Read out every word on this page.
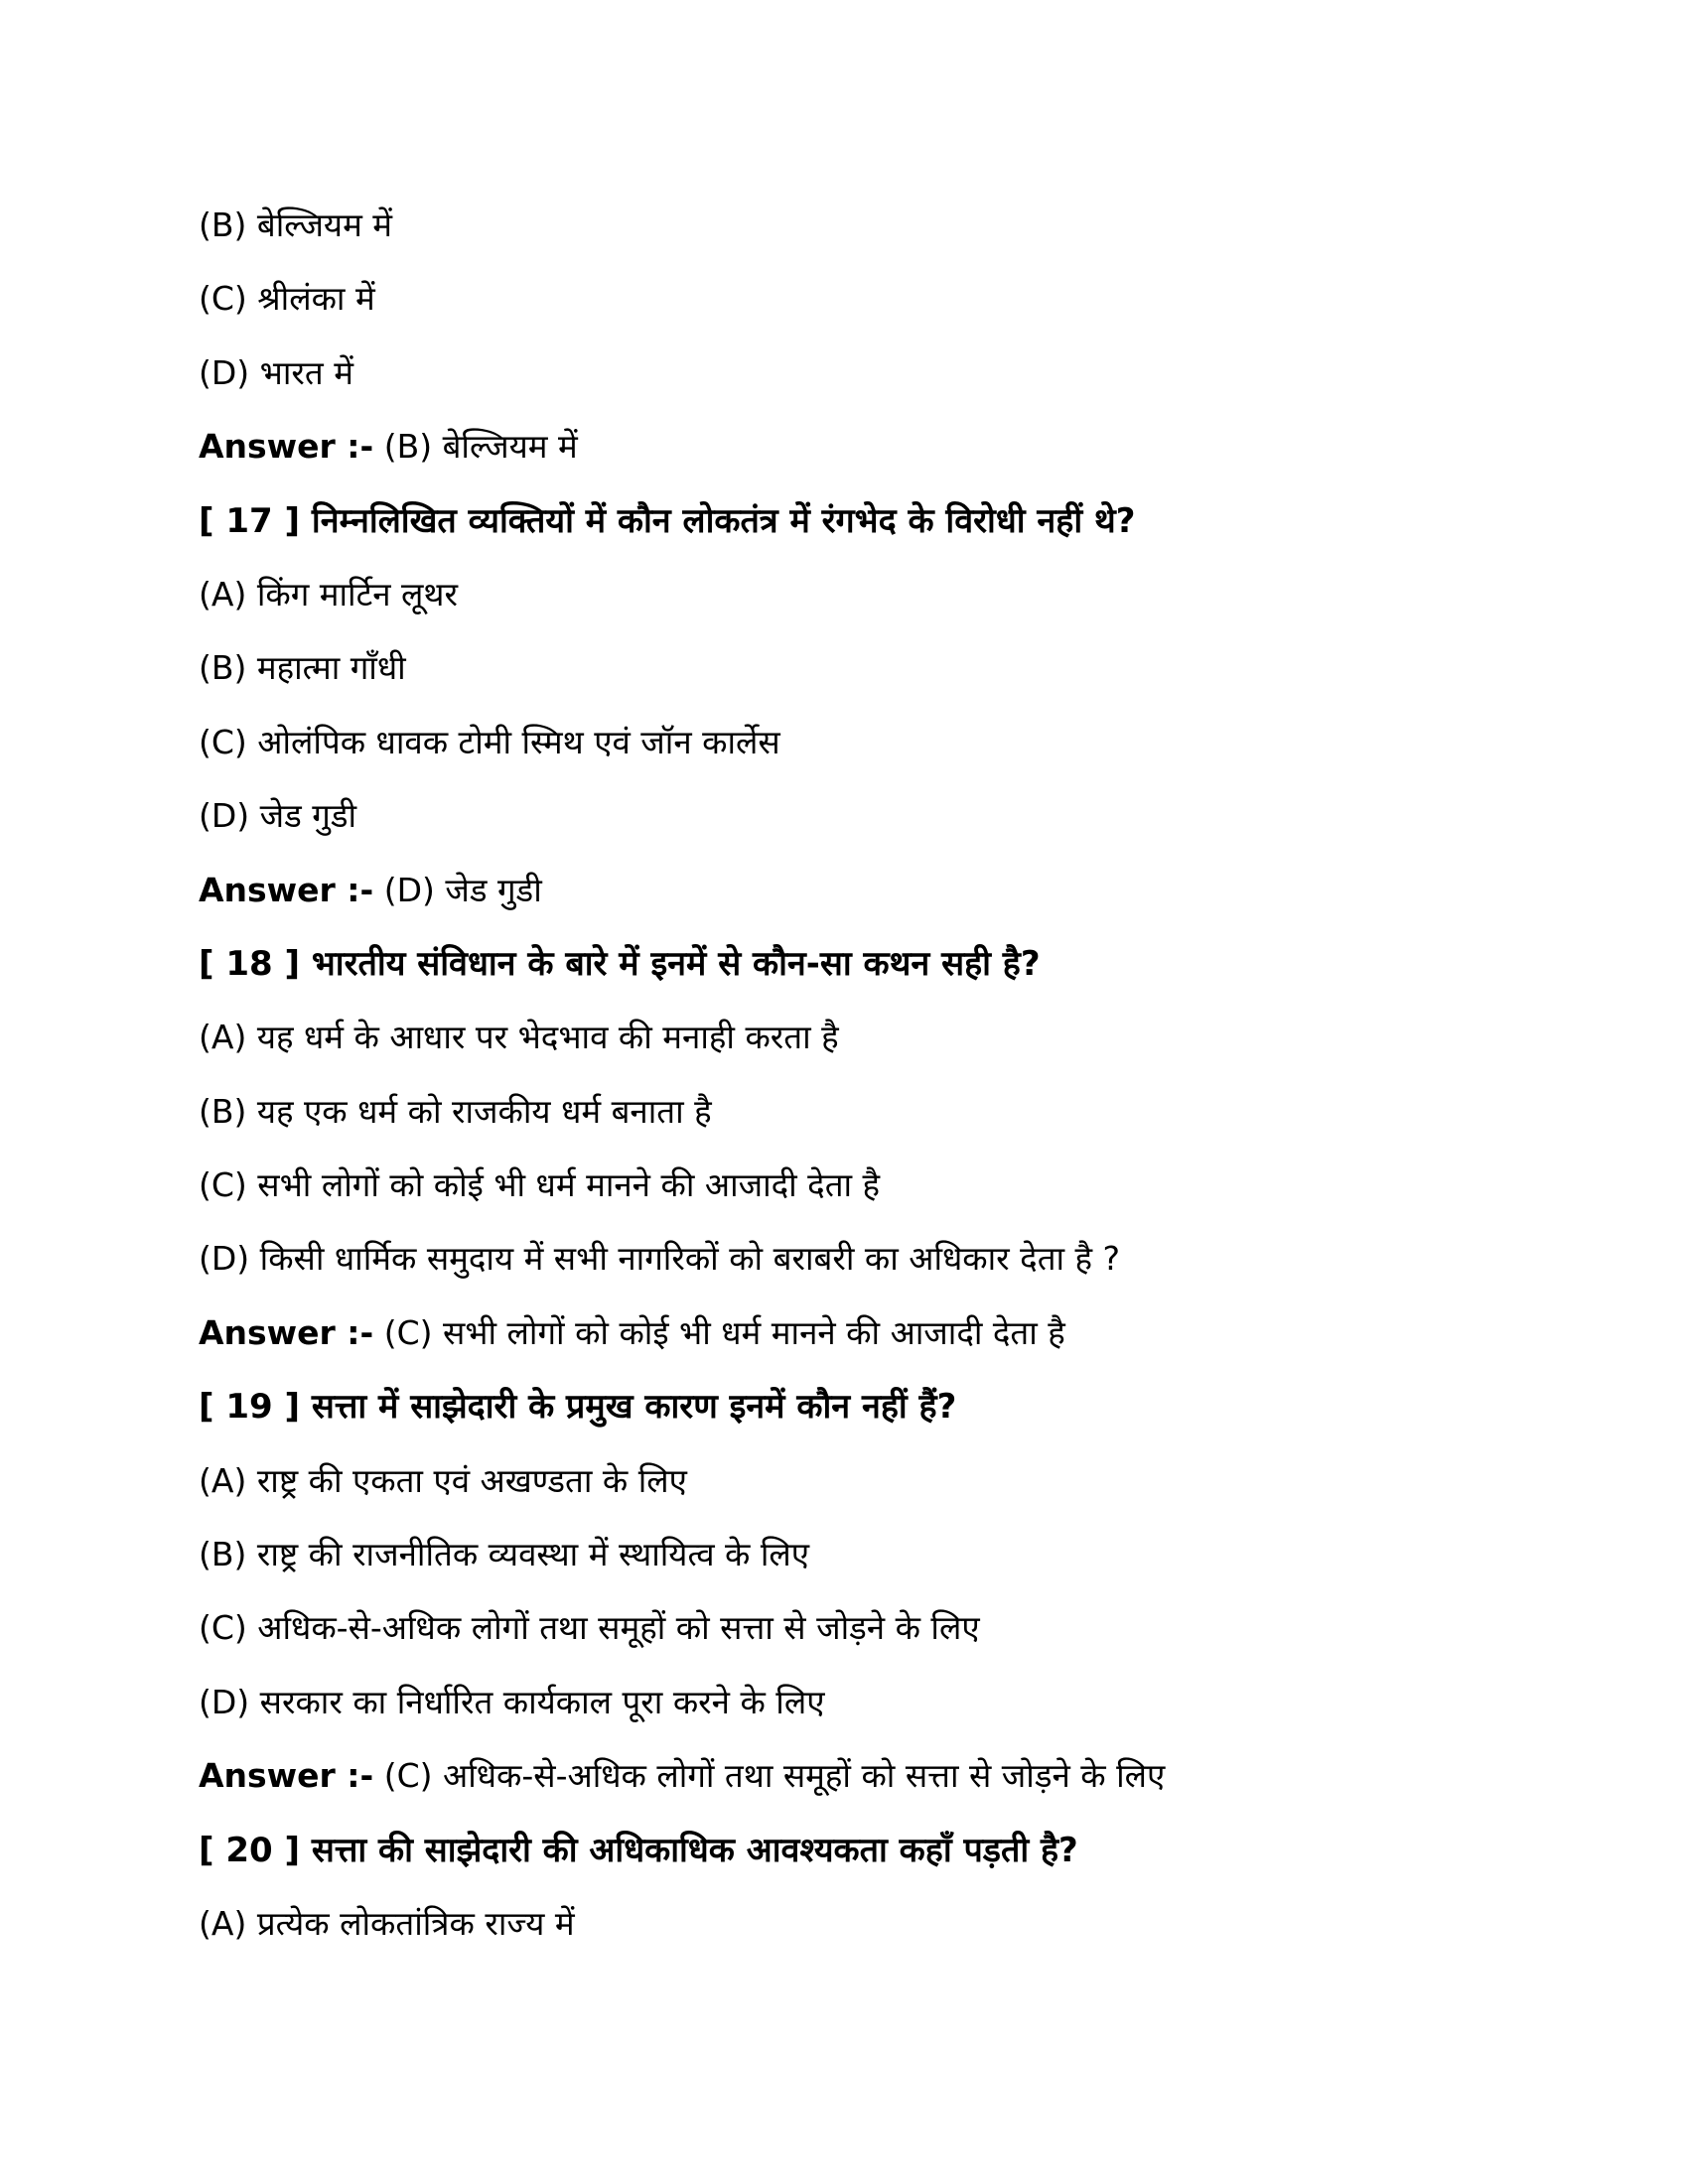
(B) बेल्जियम में
(C) श्रीलंका में
(D) भारत में
Answer :- (B) बेल्जियम में
[ 17 ] निम्नलिखित व्यक्तियों में कौन लोकतंत्र में रंगभेद के विरोधी नहीं थे?
(A) किंग मार्टिन लूथर
(B) महात्मा गाँधी
(C) ओलंपिक धावक टोमी स्मिथ एवं जॉन कार्लेस
(D) जेड गुडी
Answer :- (D) जेड गुडी
[ 18 ] भारतीय संविधान के बारे में इनमें से कौन-सा कथन सही है?
(A) यह धर्म के आधार पर भेदभाव की मनाही करता है
(B) यह एक धर्म को राजकीय धर्म बनाता है
(C) सभी लोगों को कोई भी धर्म मानने की आजादी देता है
(D) किसी धार्मिक समुदाय में सभी नागरिकों को बराबरी का अधिकार देता है ?
Answer :- (C) सभी लोगों को कोई भी धर्म मानने की आजादी देता है
[ 19 ] सत्ता में साझेदारी के प्रमुख कारण इनमें कौन नहीं हैं?
(A) राष्ट्र की एकता एवं अखण्डता के लिए
(B) राष्ट्र की राजनीतिक व्यवस्था में स्थायित्व के लिए
(C) अधिक-से-अधिक लोगों तथा समूहों को सत्ता से जोड़ने के लिए
(D) सरकार का निर्धारित कार्यकाल पूरा करने के लिए
Answer :- (C) अधिक-से-अधिक लोगों तथा समूहों को सत्ता से जोड़ने के लिए
[ 20 ] सत्ता की साझेदारी की अधिकाधिक आवश्यकता कहाँ पड़ती है?
(A) प्रत्येक लोकतांत्रिक राज्य में
